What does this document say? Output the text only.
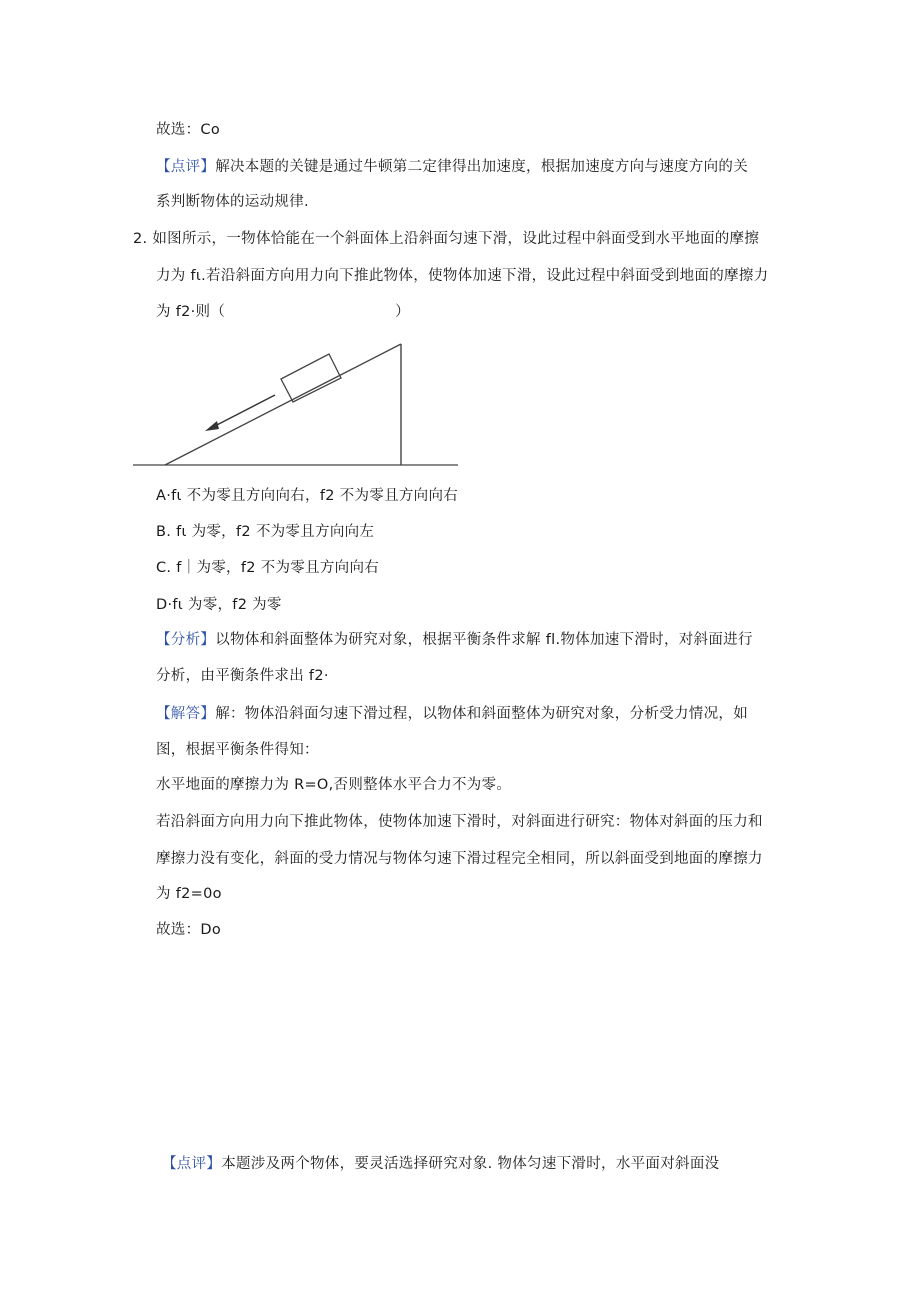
故选：Co
【点评】解决本题的关键是通过牛顿第二定律得出加速度，根据加速度方向与速度方向的关
系判断物体的运动规律.
2. 如图所示，一物体恰能在一个斜面体上沿斜面匀速下滑，设此过程中斜面受到水平地面的摩擦
力为 fι.若沿斜面方向用力向下推此物体，使物体加速下滑，设此过程中斜面受到地面的摩擦力
为 f2·则（	）
A·fι 不为零且方向向右，f2 不为零且方向向右
B. fι 为零，f2 不为零且方向向左
C. f｜为零，f2 不为零且方向向右
D·fι 为零，f2 为零
【分析】以物体和斜面整体为研究对象，根据平衡条件求解 fl.物体加速下滑时，对斜面进行
分析，由平衡条件求出 f2·
【解答】解：物体沿斜面匀速下滑过程，以物体和斜面整体为研究对象，分析受力情况，如
图，根据平衡条件得知：
水平地面的摩擦力为 R=O,否则整体水平合力不为零。
若沿斜面方向用力向下推此物体，使物体加速下滑时，对斜面进行研究：物体对斜面的压力和
摩擦力没有变化，斜面的受力情况与物体匀速下滑过程完全相同，所以斜面受到地面的摩擦力
为 f2=0o
故选：Do
【点评】本题涉及两个物体，要灵活选择研究对象. 物体匀速下滑时，水平面对斜面没
